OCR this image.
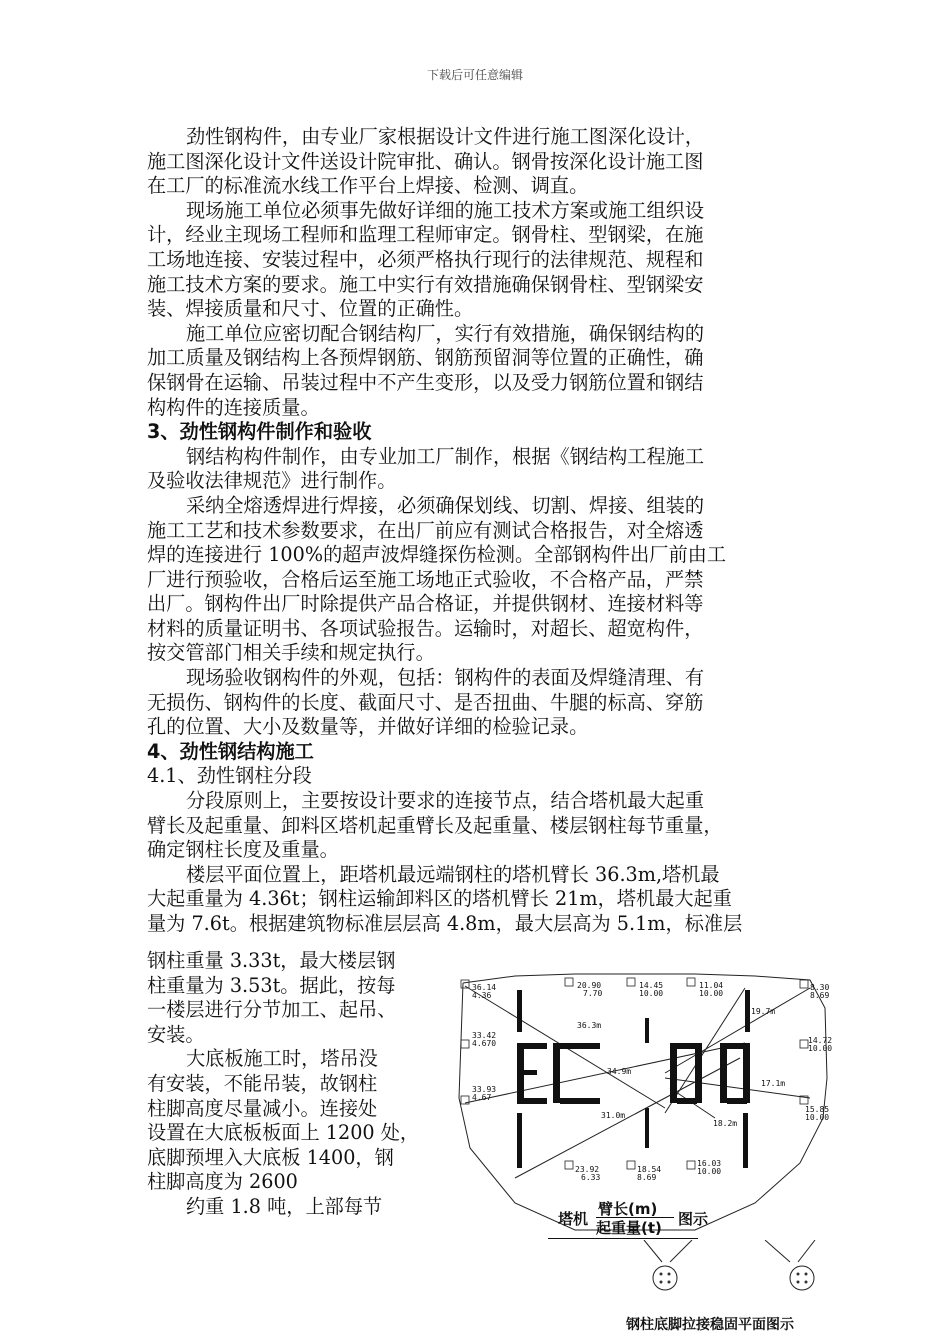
下载后可任意编辑
劲性钢构件，由专业厂家根据设计文件进行施工图深化设计，
施工图深化设计文件送设计院审批、确认。钢骨按深化设计施工图
在工厂的标准流水线工作平台上焊接、检测、调直。
现场施工单位必须事先做好详细的施工技术方案或施工组织设
计，经业主现场工程师和监理工程师审定。钢骨柱、型钢梁，在施
工场地连接、安装过程中，必须严格执行现行的法律规范、规程和
施工技术方案的要求。施工中实行有效措施确保钢骨柱、型钢梁安
装、焊接质量和尺寸、位置的正确性。
施工单位应密切配合钢结构厂，实行有效措施，确保钢结构的
加工质量及钢结构上各预焊钢筋、钢筋预留洞等位置的正确性，确
保钢骨在运输、吊装过程中不产生变形，以及受力钢筋位置和钢结
构构件的连接质量。
3、劲性钢构件制作和验收
钢结构构件制作，由专业加工厂制作，根据《钢结构工程施工
及验收法律规范》进行制作。
采纳全熔透焊进行焊接，必须确保划线、切割、焊接、组装的
施工工艺和技术参数要求，在出厂前应有测试合格报告，对全熔透
焊的连接进行 100%的超声波焊缝探伤检测。全部钢构件出厂前由工
厂进行预验收，合格后运至施工场地正式验收，不合格产品，严禁
出厂。钢构件出厂时除提供产品合格证，并提供钢材、连接材料等
材料的质量证明书、各项试验报告。运输时，对超长、超宽构件，
按交管部门相关手续和规定执行。
现场验收钢构件的外观，包括：钢构件的表面及焊缝清理、有
无损伤、钢构件的长度、截面尺寸、是否扭曲、牛腿的标高、穿筋
孔的位置、大小及数量等，并做好详细的检验记录。
4、劲性钢结构施工
4.1、劲性钢柱分段
分段原则上，主要按设计要求的连接节点，结合塔机最大起重
臂长及起重量、卸料区塔机起重臂长及起重量、楼层钢柱每节重量，
确定钢柱长度及重量。
楼层平面位置上，距塔机最远端钢柱的塔机臂长 36.3m,塔机最
大起重量为 4.36t；钢柱运输卸料区的塔机臂长 21m，塔机最大起重
量为 7.6t。根据建筑物标准层层高 4.8m，最大层高为 5.1m，标准层
钢柱重量 3.33t，最大楼层钢
柱重量为 3.53t。据此，按每
一楼层进行分节加工、起吊、
安装。
大底板施工时，塔吊没
有安装，不能吊装，故钢柱
柱脚高度尽量减小。连接处
设置在大底板板面上 1200 处，
底脚预埋入大底板 1400，钢
柱脚高度为 2600
约重 1.8 吨，上部每节
36.14
4.36
20.90
7.70
14.45
10.00
11.04
10.00
8.30
8.69
33.42
4.670	14.72
10.00
33.93
4.67
15.85
10.00
23.92
6.33
18.54
8.69
16.03
10.00
36.3m
19.7m
34.9m
31.0m
18.2m
17.1m
塔机
臂长(m)
起重量(t) 图示
钢柱底脚拉接稳固平面图示
